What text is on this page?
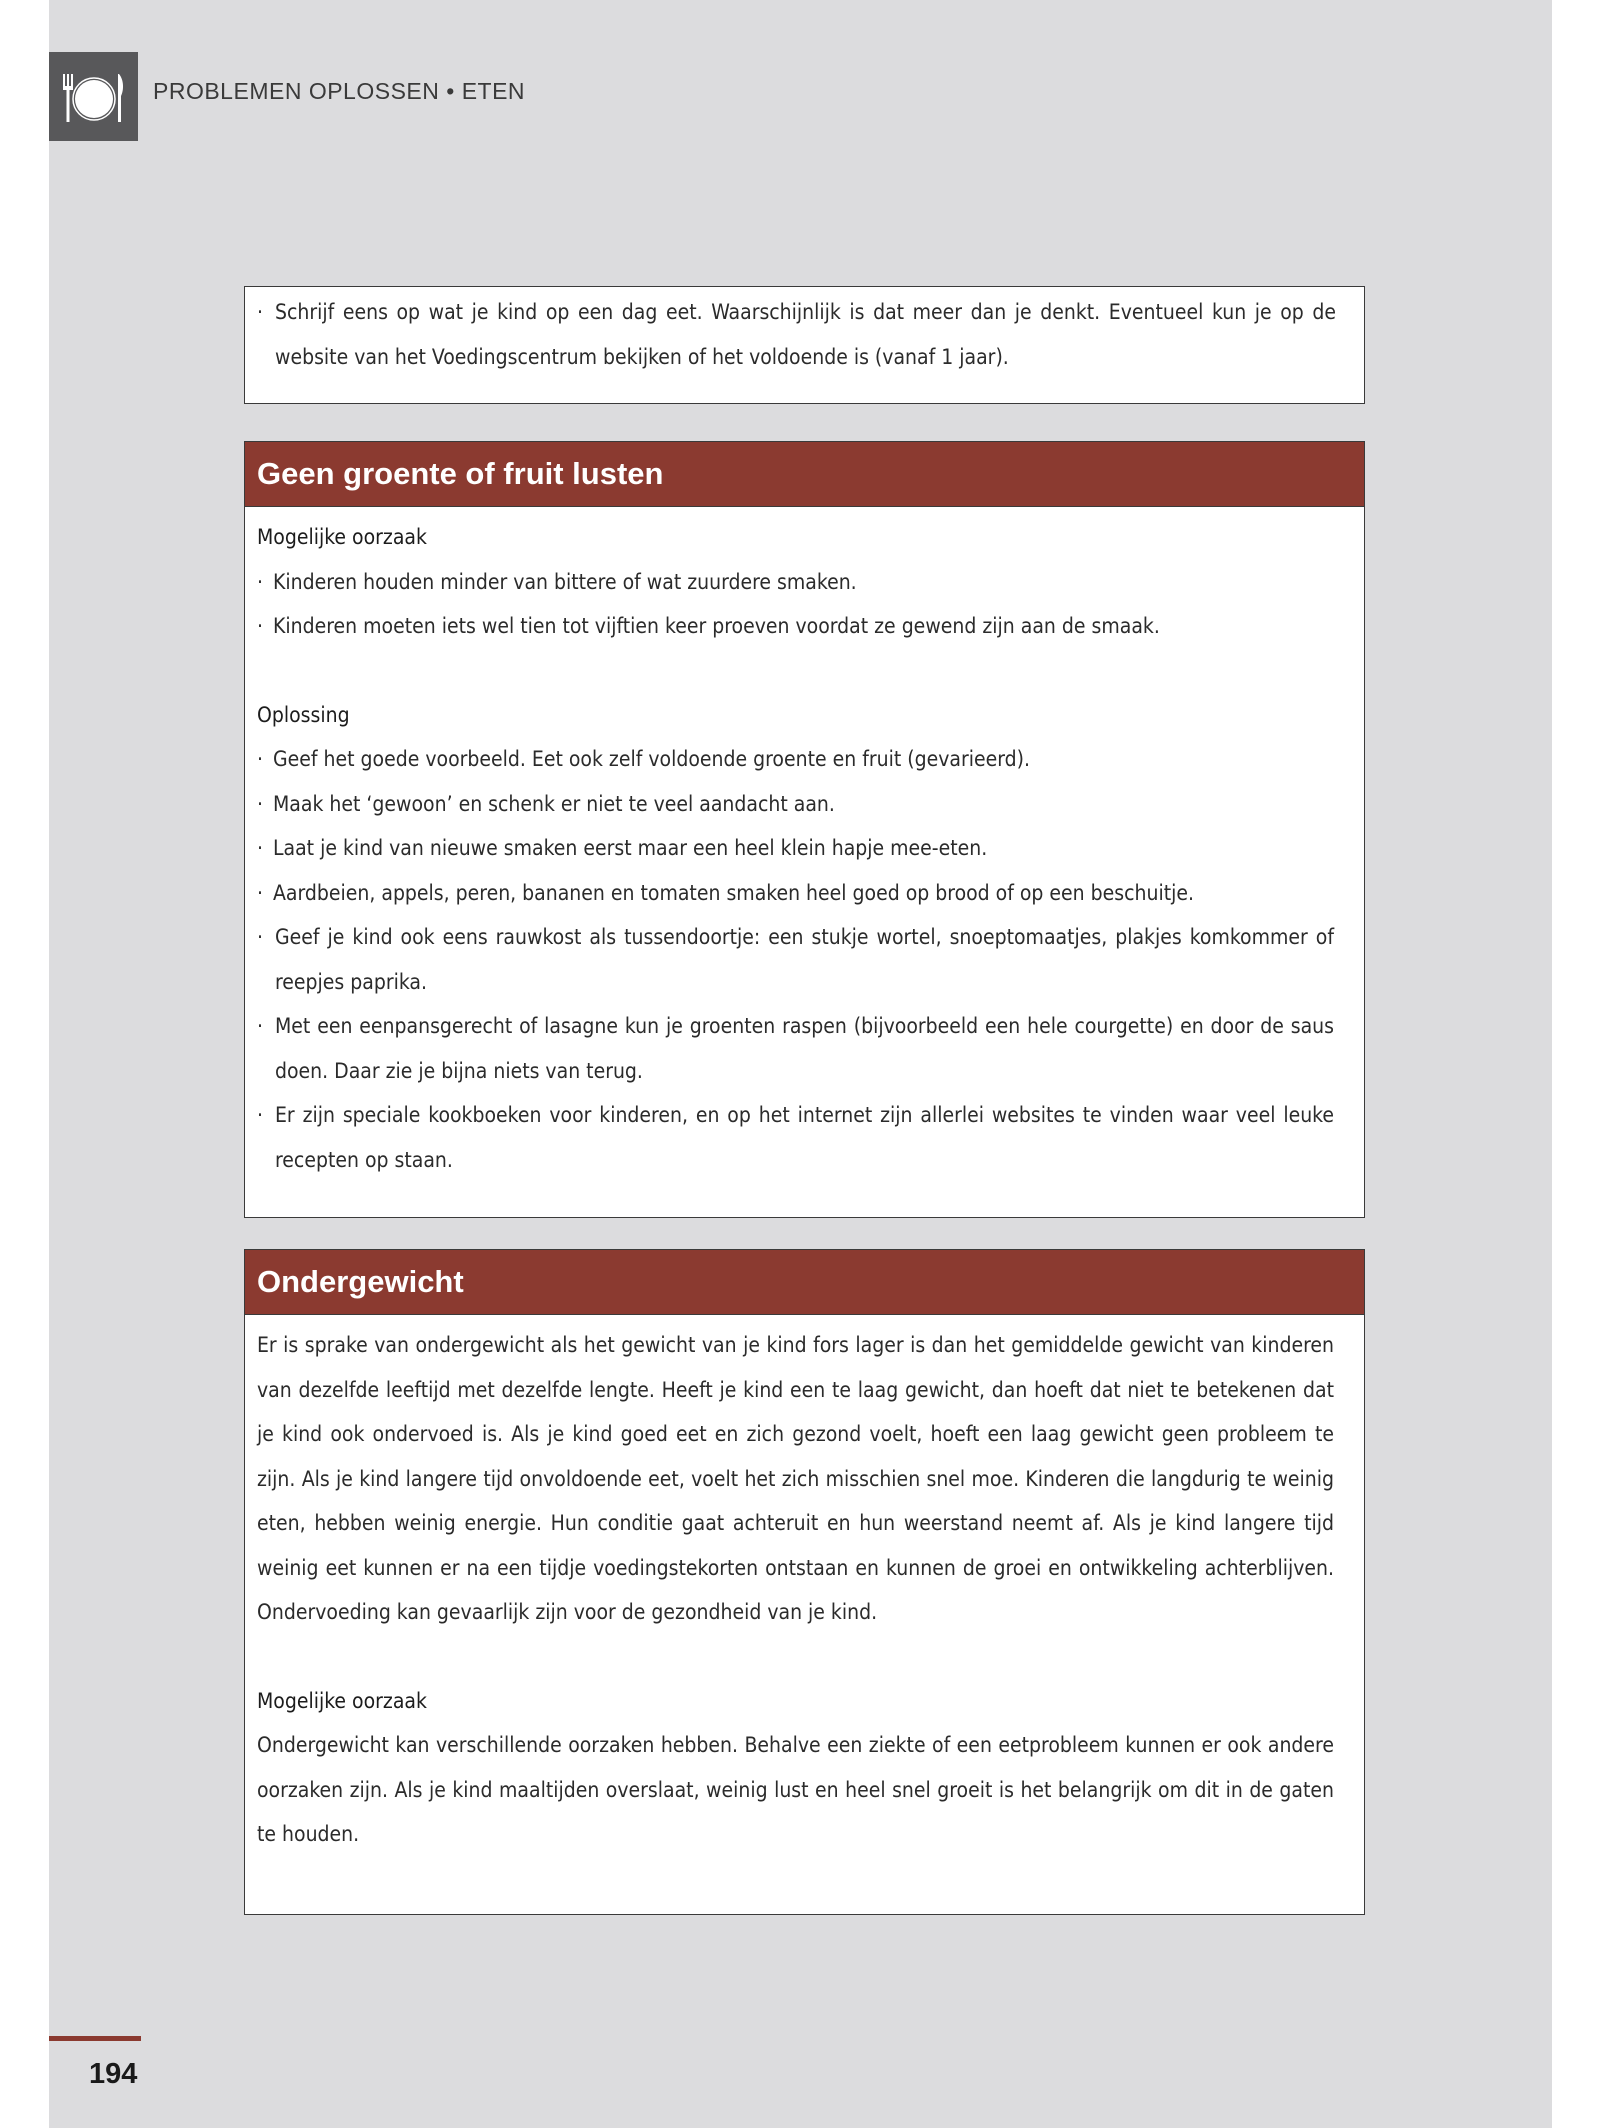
PROBLEMEN OPLOSSEN • ETEN
· Schrijf eens op wat je kind op een dag eet. Waarschijnlijk is dat meer dan je denkt. Eventueel kun je op de website van het Voedingscentrum bekijken of het voldoende is (vanaf 1 jaar).
Geen groente of fruit lusten
Mogelijke oorzaak
· Kinderen houden minder van bittere of wat zuurdere smaken.
· Kinderen moeten iets wel tien tot vijftien keer proeven voordat ze gewend zijn aan de smaak.
Oplossing
· Geef het goede voorbeeld. Eet ook zelf voldoende groente en fruit (gevarieerd).
· Maak het ‘gewoon’ en schenk er niet te veel aandacht aan.
· Laat je kind van nieuwe smaken eerst maar een heel klein hapje mee-eten.
· Aardbeien, appels, peren, bananen en tomaten smaken heel goed op brood of op een beschuitje.
· Geef je kind ook eens rauwkost als tussendoortje: een stukje wortel, snoeptomaatjes, plakjes komkommer of reepjes paprika.
· Met een eenpansgerecht of lasagne kun je groenten raspen (bijvoorbeeld een hele courgette) en door de saus doen. Daar zie je bijna niets van terug.
· Er zijn speciale kookboeken voor kinderen, en op het internet zijn allerlei websites te vinden waar veel leuke recepten op staan.
Ondergewicht
Er is sprake van ondergewicht als het gewicht van je kind fors lager is dan het gemiddelde gewicht van kinderen van dezelfde leeftijd met dezelfde lengte. Heeft je kind een te laag gewicht, dan hoeft dat niet te betekenen dat je kind ook ondervoed is. Als je kind goed eet en zich gezond voelt, hoeft een laag gewicht geen probleem te zijn. Als je kind langere tijd onvoldoende eet, voelt het zich misschien snel moe. Kinderen die langdurig te weinig eten, hebben weinig energie. Hun conditie gaat achteruit en hun weerstand neemt af. Als je kind langere tijd weinig eet kunnen er na een tijdje voedingstekorten ontstaan en kunnen de groei en ontwikkeling achterblijven. Ondervoeding kan gevaarlijk zijn voor de gezondheid van je kind.
Mogelijke oorzaak
Ondergewicht kan verschillende oorzaken hebben. Behalve een ziekte of een eetprobleem kunnen er ook andere oorzaken zijn. Als je kind maaltijden overslaat, weinig lust en heel snel groeit is het belangrijk om dit in de gaten te houden.
194
